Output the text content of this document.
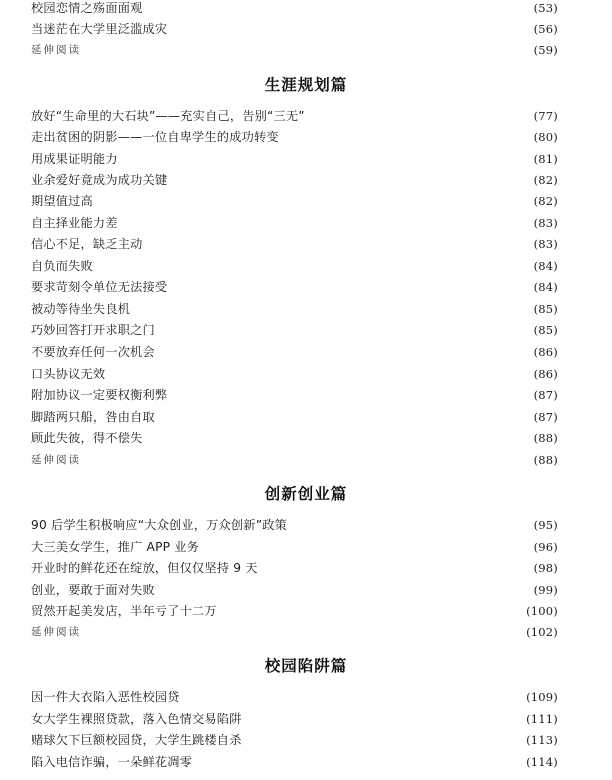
校园恋情之殇面面观	(53)
当迷茫在大学里泛滥成灾	(56)
延伸阅读	(59)
生涯规划篇
放好“生命里的大石块”——充实自己，告别“三无”	(77)
走出贫困的阴影——一位自卑学生的成功转变	(80)
用成果证明能力	(81)
业余爱好竟成为成功关键	(82)
期望值过高	(82)
自主择业能力差	(83)
信心不足，缺乏主动	(83)
自负而失败	(84)
要求苛刻令单位无法接受	(84)
被动等待坐失良机	(85)
巧妙回答打开求职之门	(85)
不要放弃任何一次机会	(86)
口头协议无效	(86)
附加协议一定要权衡利弊	(87)
脚踏两只船，咎由自取	(87)
顾此失彼，得不偿失	(88)
延伸阅读	(88)
创新创业篇
90 后学生积极响应“大众创业，万众创新”政策	(95)
大三美女学生，推广 APP 业务	(96)
开业时的鲜花还在绽放，但仅仅坚持 9 天	(98)
创业，要敢于面对失败	(99)
贸然开起美发店，半年亏了十二万	(100)
延伸阅读	(102)
校园陷阱篇
因一件大衣陷入恶性校园贷	(109)
女大学生裸照贷款，落入色情交易陷阱	(111)
赌球欠下巨额校园贷，大学生跳楼自杀	(113)
陷入电信诈骗，一朵鲜花凋零	(114)
